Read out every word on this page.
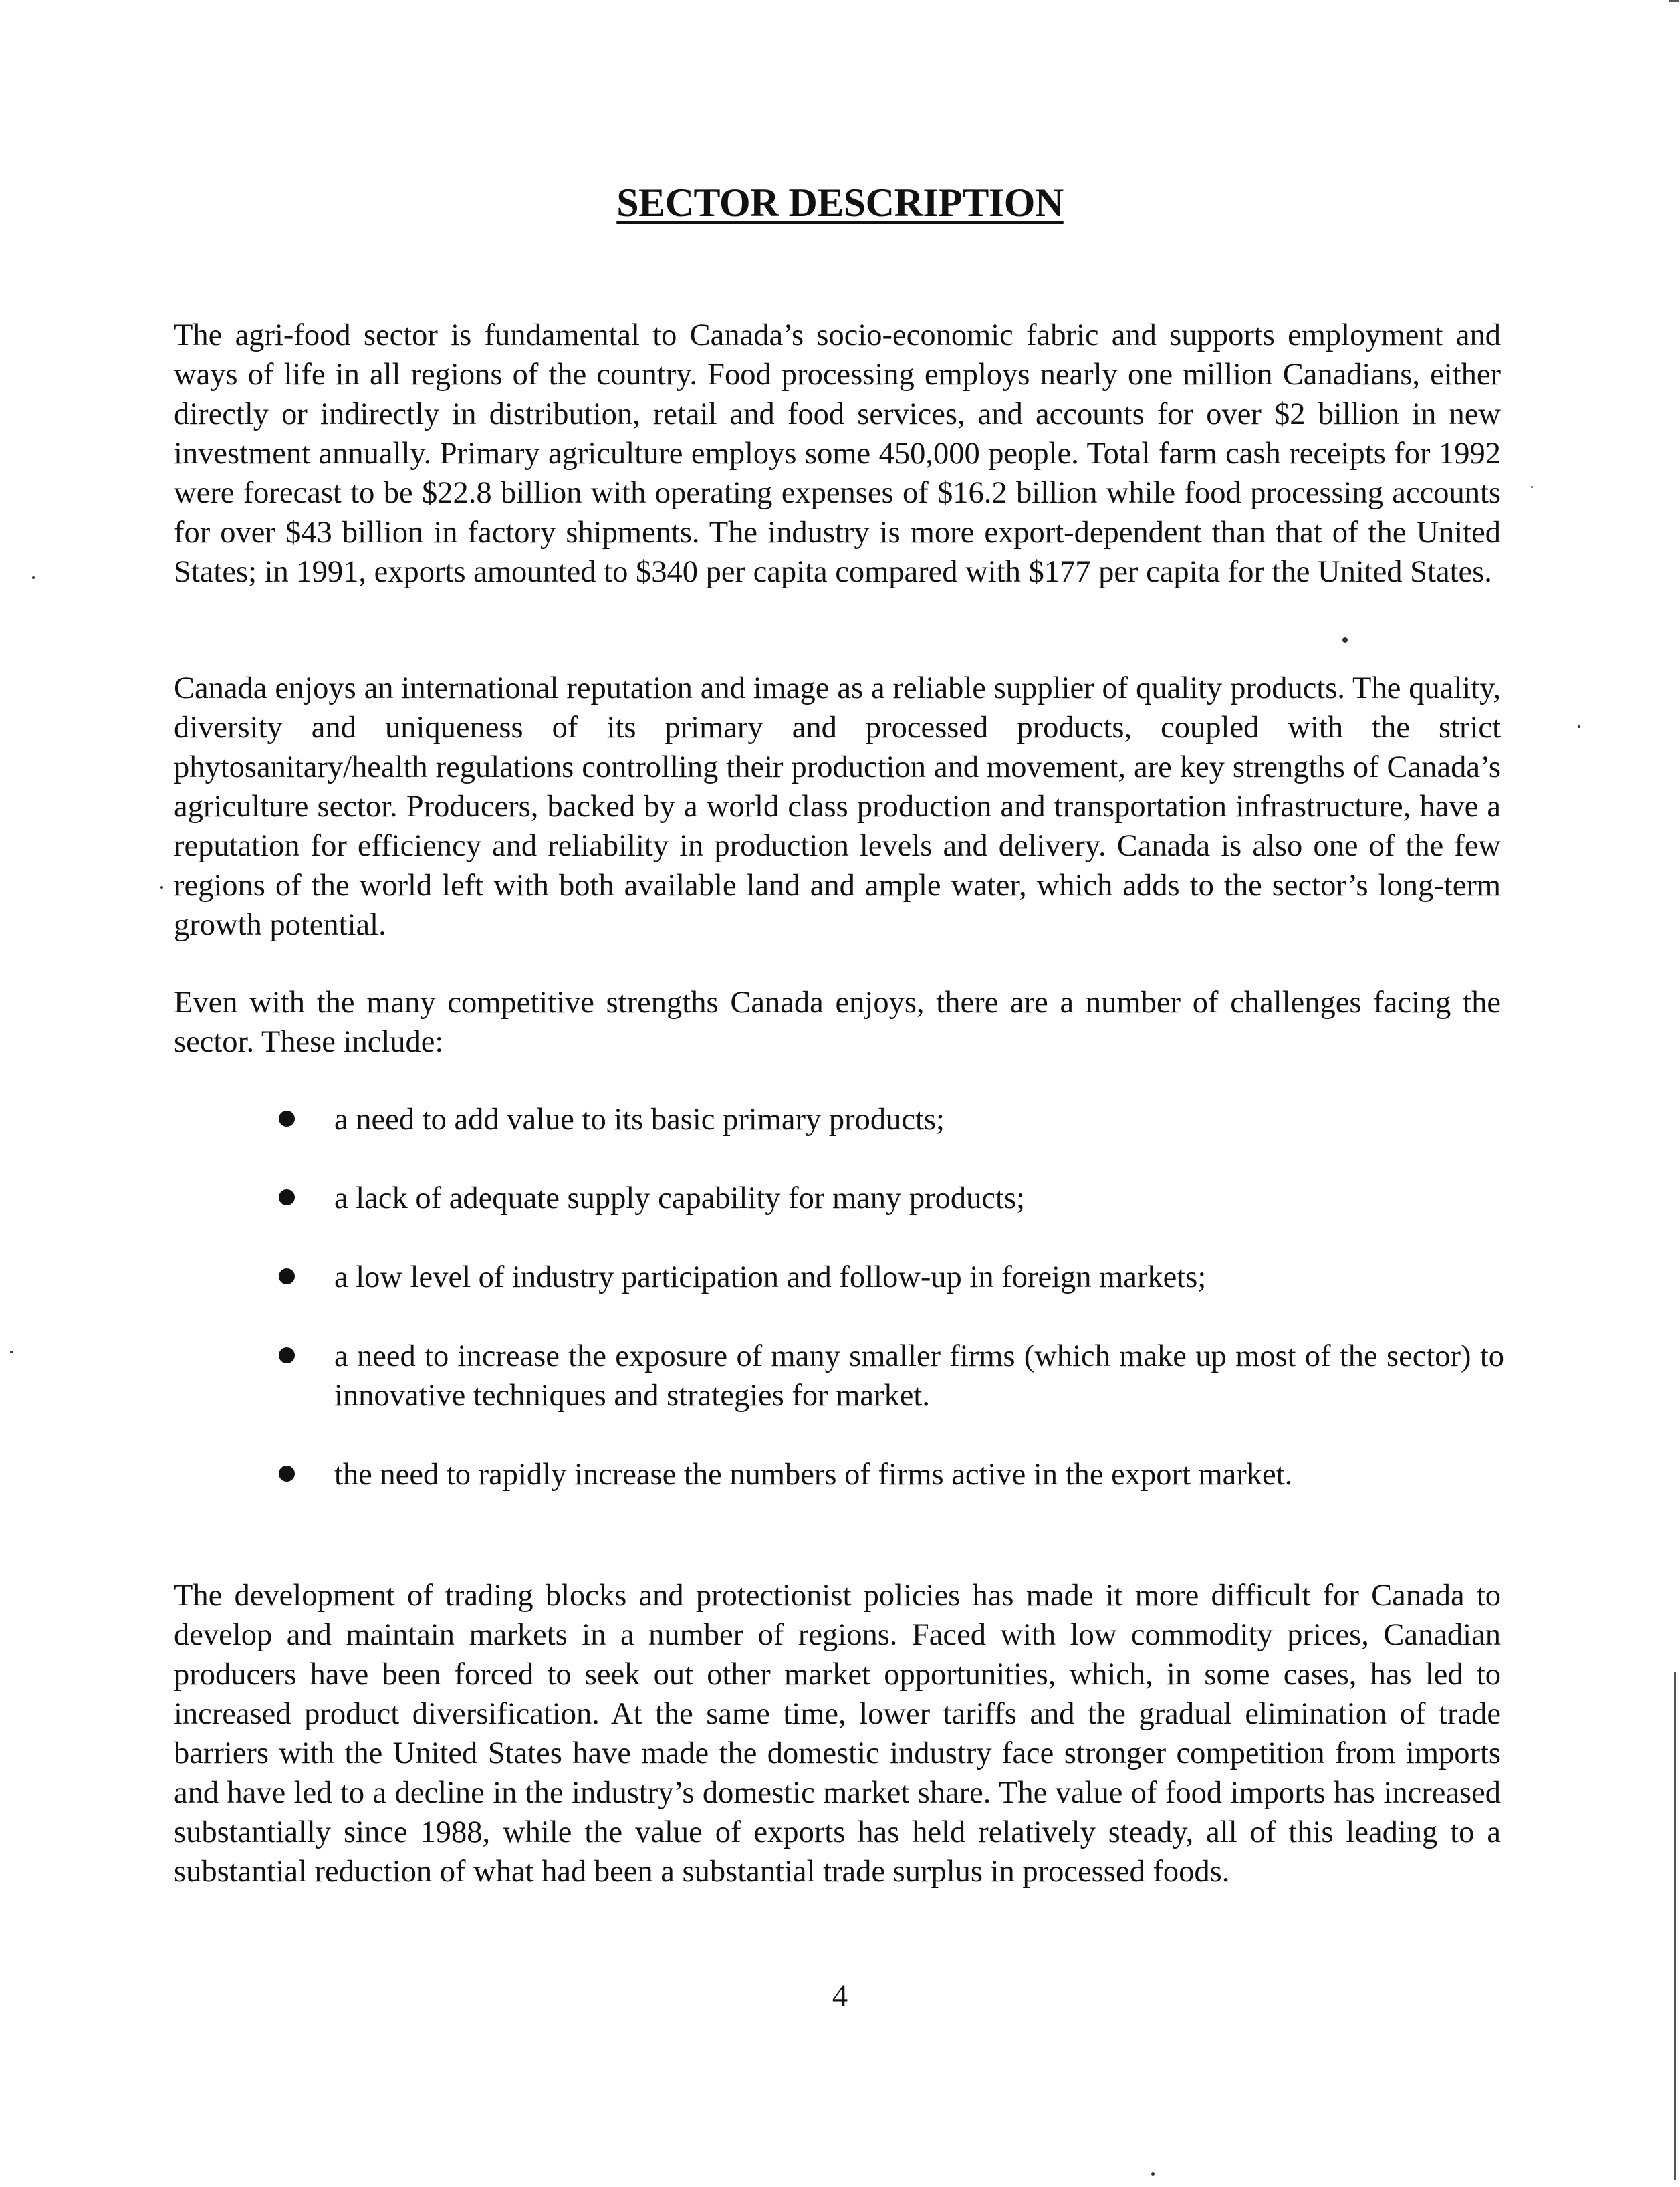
SECTOR DESCRIPTION

The agri-food sector is fundamental to Canada’s socio-economic fabric and supports employment and ways of life in all regions of the country. Food processing employs nearly one million Canadians, either directly or indirectly in distribution, retail and food services, and accounts for over $2 billion in new investment annually. Primary agriculture employs some 450,000 people. Total farm cash receipts for 1992 were forecast to be $22.8 billion with operating expenses of $16.2 billion while food processing accounts for over $43 billion in factory shipments. The industry is more export-dependent than that of the United States; in 1991, exports amounted to $340 per capita compared with $177 per capita for the United States.

Canada enjoys an international reputation and image as a reliable supplier of quality products. The quality, diversity and uniqueness of its primary and processed products, coupled with the strict phytosanitary/health regulations controlling their production and movement, are key strengths of Canada’s agriculture sector. Producers, backed by a world class production and transportation infrastructure, have a reputation for efficiency and reliability in production levels and delivery. Canada is also one of the few regions of the world left with both available land and ample water, which adds to the sector’s long-term growth potential.

Even with the many competitive strengths Canada enjoys, there are a number of challenges facing the sector. These include:

a need to add value to its basic primary products;
a lack of adequate supply capability for many products;
a low level of industry participation and follow-up in foreign markets;
a need to increase the exposure of many smaller firms (which make up most of the sector) to innovative techniques and strategies for market.
the need to rapidly increase the numbers of firms active in the export market.

The development of trading blocks and protectionist policies has made it more difficult for Canada to develop and maintain markets in a number of regions. Faced with low commodity prices, Canadian producers have been forced to seek out other market opportunities, which, in some cases, has led to increased product diversification. At the same time, lower tariffs and the gradual elimination of trade barriers with the United States have made the domestic industry face stronger competition from imports and have led to a decline in the industry’s domestic market share. The value of food imports has increased substantially since 1988, while the value of exports has held relatively steady, all of this leading to a substantial reduction of what had been a substantial trade surplus in processed foods.

4
